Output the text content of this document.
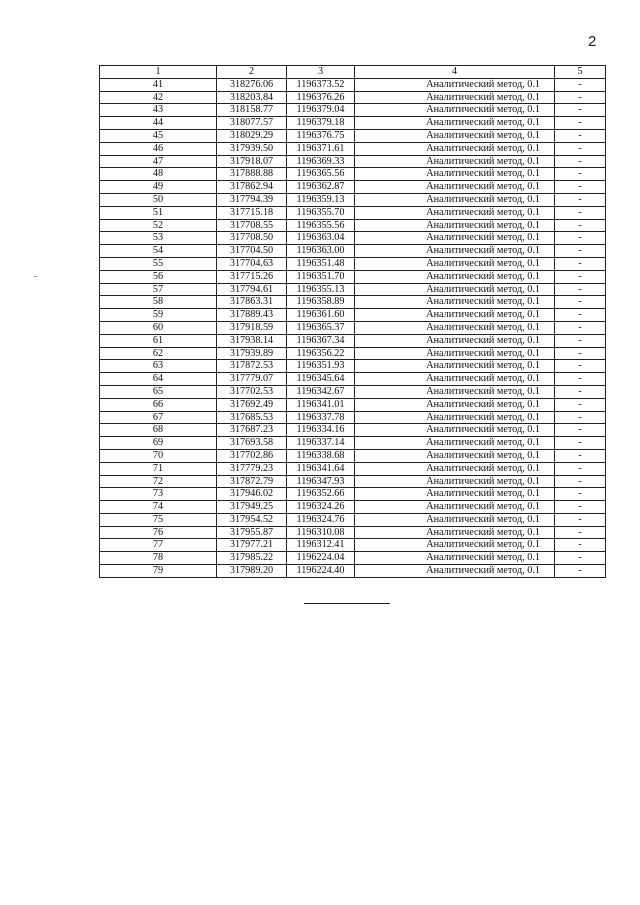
2
1	2	3	4	5
41	318276.06	1196373.52	Аналитический метод, 0.1	-
42	318203.84	1196376.26	Аналитический метод, 0.1	-
43	318158.77	1196379.04	Аналитический метод, 0.1	-
44	318077.57	1196379.18	Аналитический метод, 0.1	-
45	318029.29	1196376.75	Аналитический метод, 0.1	-
46	317939.50	1196371.61	Аналитический метод, 0.1	-
47	317918.07	1196369.33	Аналитический метод, 0.1	-
48	317888.88	1196365.56	Аналитический метод, 0.1	-
49	317862.94	1196362.87	Аналитический метод, 0.1	-
50	317794.39	1196359.13	Аналитический метод, 0.1	-
51	317715.18	1196355.70	Аналитический метод, 0.1	-
52	317708.55	1196355.56	Аналитический метод, 0.1	-
53	317708.50	1196363.04	Аналитический метод, 0.1	-
54	317704.50	1196363.00	Аналитический метод, 0.1	-
55	317704.63	1196351.48	Аналитический метод, 0.1	-
56	317715.26	1196351.70	Аналитический метод, 0.1	-
57	317794.61	1196355.13	Аналитический метод, 0.1	-
58	317863.31	1196358.89	Аналитический метод, 0.1	-
59	317889.43	1196361.60	Аналитический метод, 0.1	-
60	317918.59	1196365.37	Аналитический метод, 0.1	-
61	317938.14	1196367.34	Аналитический метод, 0.1	-
62	317939.89	1196356.22	Аналитический метод, 0.1	-
63	317872.53	1196351.93	Аналитический метод, 0.1	-
64	317779.07	1196345.64	Аналитический метод, 0.1	-
65	317702.53	1196342.67	Аналитический метод, 0.1	-
66	317692.49	1196341.01	Аналитический метод, 0.1	-
67	317685.53	1196337.78	Аналитический метод, 0.1	-
68	317687.23	1196334.16	Аналитический метод, 0.1	-
69	317693.58	1196337.14	Аналитический метод, 0.1	-
70	317702.86	1196338.68	Аналитический метод, 0.1	-
71	317779.23	1196341.64	Аналитический метод, 0.1	-
72	317872.79	1196347.93	Аналитический метод, 0.1	-
73	317946.02	1196352.66	Аналитический метод, 0.1	-
74	317949.25	1196324.26	Аналитический метод, 0.1	-
75	317954.52	1196324.76	Аналитический метод, 0.1	-
76	317955.87	1196310.08	Аналитический метод, 0.1	-
77	317977.21	1196312.41	Аналитический метод, 0.1	-
78	317985.22	1196224.04	Аналитический метод, 0.1	-
79	317989.20	1196224.40	Аналитический метод, 0.1	-
